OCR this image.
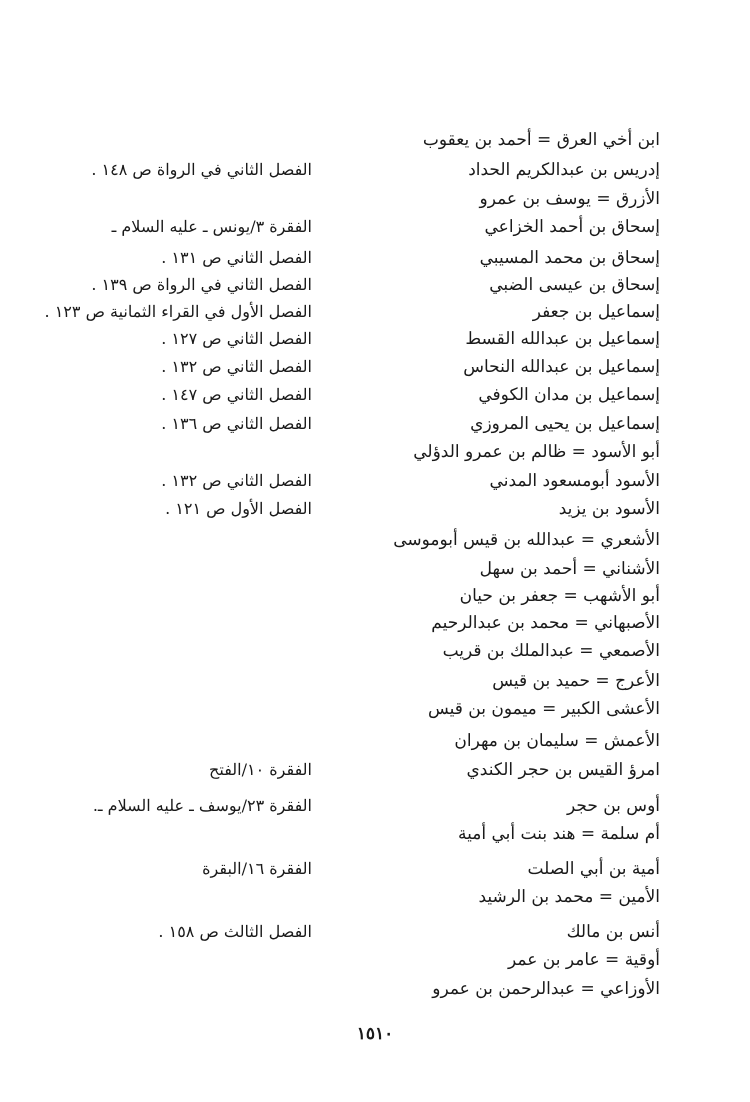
ابن أخي العرق = أحمد بن يعقوب
إدريس بن عبدالكريم الحداد
الفصل الثاني في الرواة ص ١٤٨ .
الأزرق = يوسف بن عمرو
إسحاق بن أحمد الخزاعي
الفقرة ٣/يونس ـ عليه السلام ـ
إسحاق بن محمد المسيبي
الفصل الثاني ص ١٣١ .
إسحاق بن عيسى الضبي
الفصل الثاني في الرواة ص ١٣٩ .
إسماعيل بن جعفر
الفصل الأول في القراء الثمانية ص ١٢٣ .
إسماعيل بن عبدالله القسط
الفصل الثاني ص ١٢٧ .
إسماعيل بن عبدالله النحاس
الفصل الثاني ص ١٣٢ .
إسماعيل بن مدان الكوفي
الفصل الثاني ص ١٤٧ .
إسماعيل بن يحيى المروزي
الفصل الثاني ص ١٣٦ .
أبو الأسود = ظالم بن عمرو الدؤلي
الأسود أبومسعود المدني
الفصل الثاني ص ١٣٢ .
الأسود بن يزيد
الفصل الأول ص ١٢١ .
الأشعري = عبدالله بن قيس أبوموسى
الأشناني = أحمد بن سهل
أبو الأشهب = جعفر بن حيان
الأصبهاني = محمد بن عبدالرحيم
الأصمعي = عبدالملك بن قريب
الأعرج = حميد بن قيس
الأعشى الكبير = ميمون بن قيس
الأعمش = سليمان بن مهران
امرؤ القيس بن حجر الكندي
الفقرة ١٠/الفتح
أوس بن حجر
الفقرة ٢٣/يوسف ـ عليه السلام ـ.
أم سلمة = هند بنت أبي أمية
أمية بن أبي الصلت
الفقرة ١٦/البقرة
الأمين = محمد بن الرشيد
أنس بن مالك
الفصل الثالث ص ١٥٨ .
أوقية = عامر بن عمر
الأوزاعي = عبدالرحمن بن عمرو
١٥١٠
